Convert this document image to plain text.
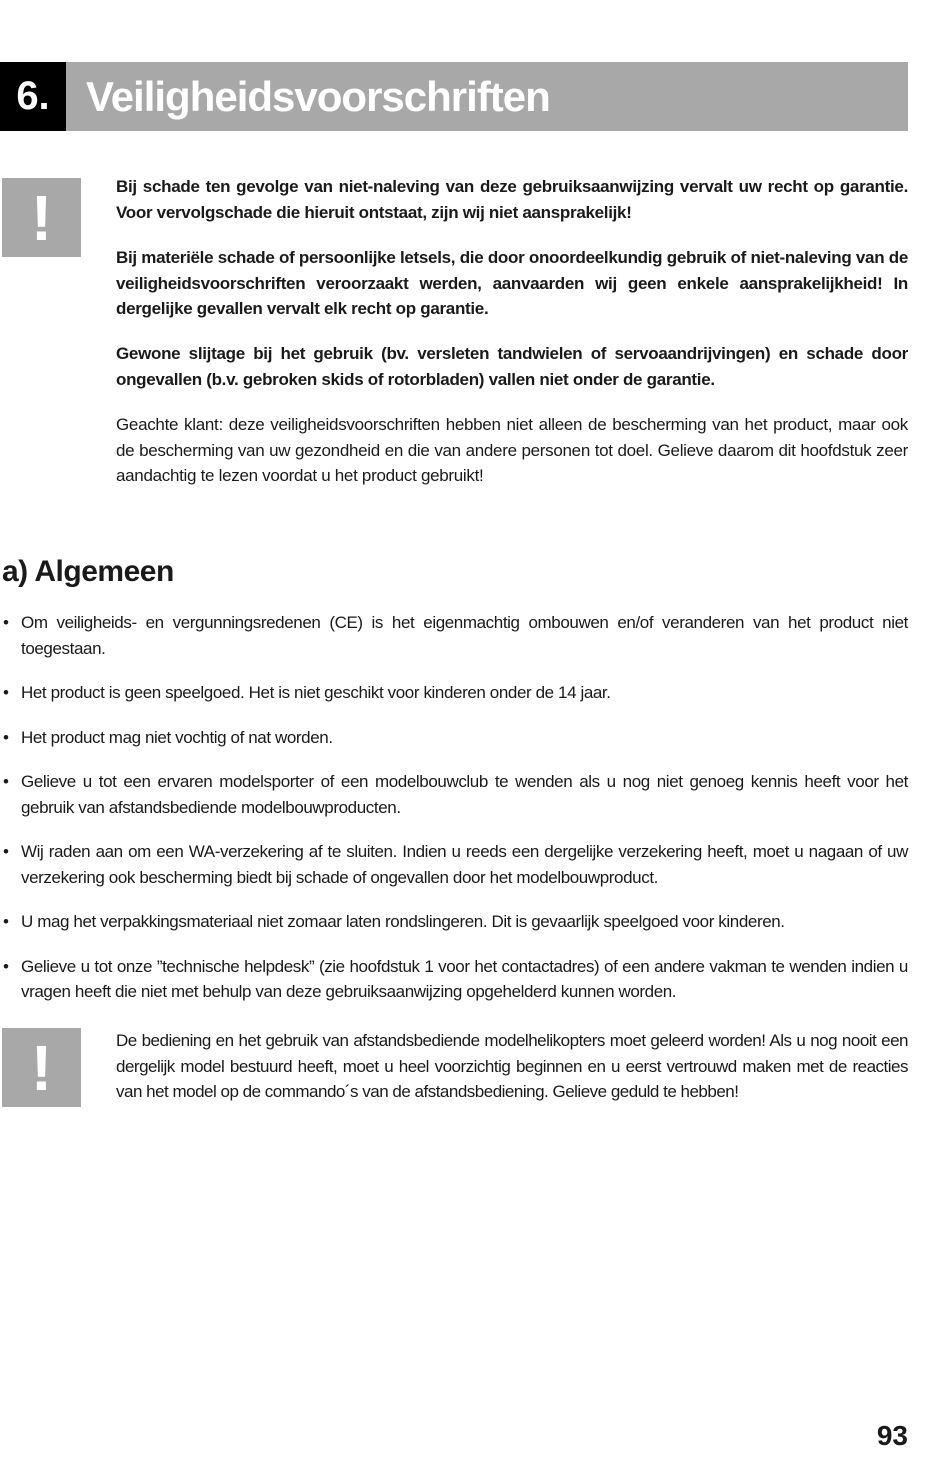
6. Veiligheidsvoorschriften
!	Bij schade ten gevolge van niet-naleving van deze gebruiksaanwijzing vervalt uw recht op garantie. Voor vervolgschade die hieruit ontstaat, zijn wij niet aansprakelijk!

Bij materiële schade of persoonlijke letsels, die door onoordeelkundig gebruik of niet-naleving van de veiligheidsvoorschriften veroorzaakt werden, aanvaarden wij geen enkele aansprakelijkheid! In dergelijke gevallen vervalt elk recht op garantie.

Gewone slijtage bij het gebruik (bv. versleten tandwielen of servoaandrijvingen) en schade door ongevallen (b.v. gebroken skids of rotorbladen) vallen niet onder de garantie.

Geachte klant: deze veiligheidsvoorschriften hebben niet alleen de bescherming van het product, maar ook de bescherming van uw gezondheid en die van andere personen tot doel. Gelieve daarom dit hoofdstuk zeer aandachtig te lezen voordat u het product gebruikt!

a) Algemeen
• Om veiligheids- en vergunningsredenen (CE) is het eigenmachtig ombouwen en/of veranderen van het product niet toegestaan.
• Het product is geen speelgoed. Het is niet geschikt voor kinderen onder de 14 jaar.
• Het product mag niet vochtig of nat worden.
• Gelieve u tot een ervaren modelsporter of een modelbouwclub te wenden als u nog niet genoeg kennis heeft voor het gebruik van afstandsbediende modelbouwproducten.
• Wij raden aan om een WA-verzekering af te sluiten. Indien u reeds een dergelijke verzekering heeft, moet u nagaan of uw verzekering ook bescherming biedt bij schade of ongevallen door het modelbouwproduct.
• U mag het verpakkingsmateriaal niet zomaar laten rondslingeren. Dit is gevaarlijk speelgoed voor kinderen.
• Gelieve u tot onze ”technische helpdesk” (zie hoofdstuk 1 voor het contactadres) of een andere vakman te wenden indien u vragen heeft die niet met behulp van deze gebruiksaanwijzing opgehelderd kunnen worden.
!	De bediening en het gebruik van afstandsbediende modelhelikopters moet geleerd worden! Als u nog nooit een dergelijk model bestuurd heeft, moet u heel voorzichtig beginnen en u eerst vertrouwd maken met de reacties van het model op de commando´s van de afstandsbediening. Gelieve geduld te hebben!

93
